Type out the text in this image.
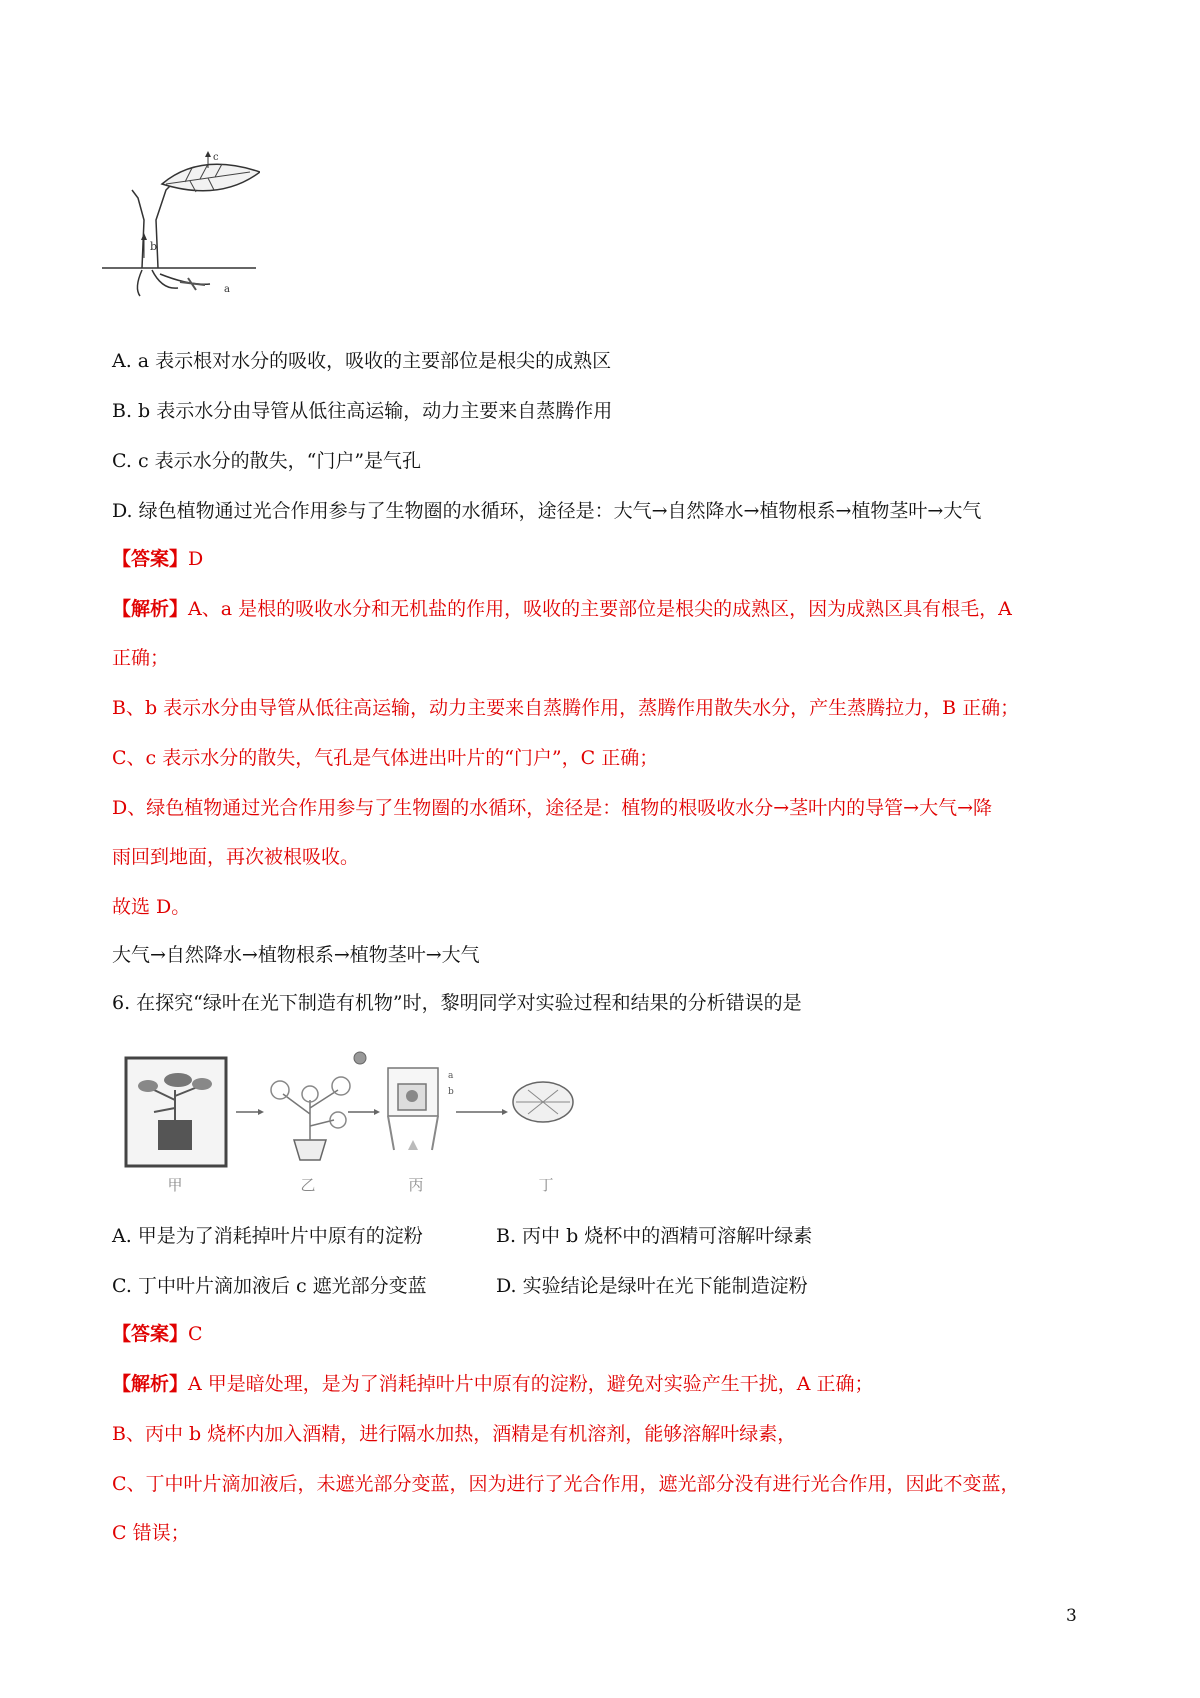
c
b
a
A. a 表示根对水分的吸收，吸收的主要部位是根尖的成熟区
B. b 表示水分由导管从低往高运输，动力主要来自蒸腾作用
C. c 表示水分的散失，“门户”是气孔
D. 绿色植物通过光合作用参与了生物圈的水循环，途径是：大气→自然降水→植物根系→植物茎叶→大气
【答案】D
【解析】A、a 是根的吸收水分和无机盐的作用，吸收的主要部位是根尖的成熟区，因为成熟区具有根毛，A
正确；
B、b 表示水分由导管从低往高运输，动力主要来自蒸腾作用，蒸腾作用散失水分，产生蒸腾拉力，B 正确；
C、c 表示水分的散失，气孔是气体进出叶片的“门户”，C 正确；
D、绿色植物通过光合作用参与了生物圈的水循环，途径是：植物的根吸收水分→茎叶内的导管→大气→降
雨回到地面，再次被根吸收。
故选 D。
大气→自然降水→植物根系→植物茎叶→大气
6. 在探究“绿叶在光下制造有机物”时，黎明同学对实验过程和结果的分析错误的是
a
b
甲	乙	丙	丁
A. 甲是为了消耗掉叶片中原有的淀粉	B. 丙中 b 烧杯中的酒精可溶解叶绿素
C. 丁中叶片滴加液后 c 遮光部分变蓝	D. 实验结论是绿叶在光下能制造淀粉
【答案】C
【解析】A 甲是暗处理，是为了消耗掉叶片中原有的淀粉，避免对实验产生干扰，A 正确；
B、丙中 b 烧杯内加入酒精，进行隔水加热，酒精是有机溶剂，能够溶解叶绿素，
C、丁中叶片滴加液后，未遮光部分变蓝，因为进行了光合作用，遮光部分没有进行光合作用，因此不变蓝，
C 错误；
3
